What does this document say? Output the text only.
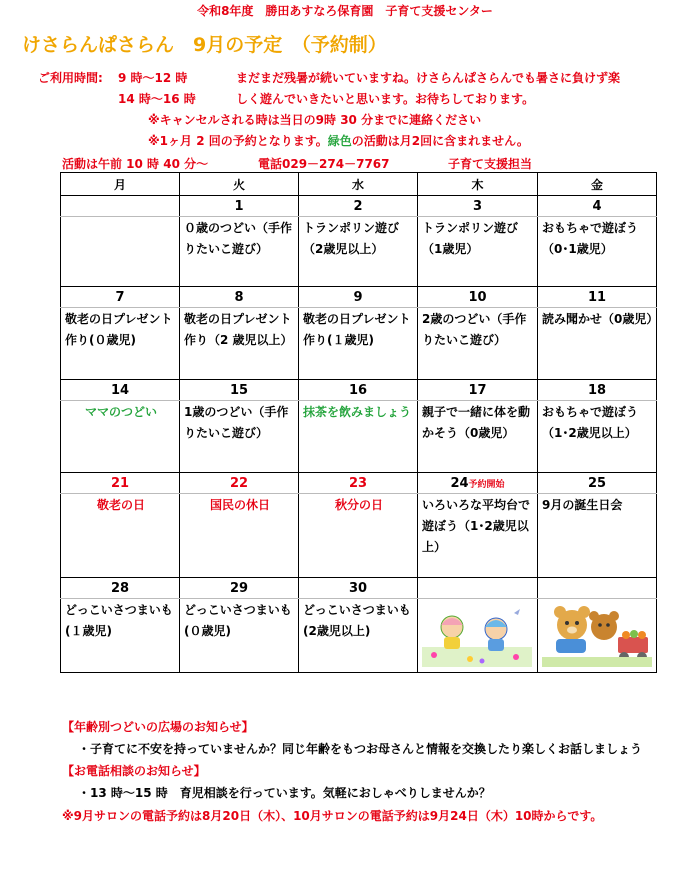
令和8年度　勝田あすなろ保育園　子育て支援センター
けさらんぱさらん　9月の予定　（予約制）
ご利用時間: 9 時～12 時
14 時～16 時
まだまだ残暑が続いていますね。けさらんぱさらんでも暑さに負けず楽
しく遊んでいきたいと思います。お待ちしております。
※キャンセルされる時は当日の9時 30 分までに連絡ください
※1ヶ月 2 回の予約となります。緑色の活動は月2回に含まれません。
活動は午前 10 時 40 分～	電話029－274－7767	子育て支援担当
月	火	水	木	金
	1	2	3	4

	０歳のつどい（手作りたいこ遊び）	トランポリン遊び（2歳児以上）	トランポリン遊び（1歳児）	おもちゃで遊ぼう（0･1歳児）

7	8	9	10	11

敬老の日プレゼント作り(０歳児)	敬老の日プレゼント作り（2 歳児以上）	敬老の日プレゼント作り(１歳児)	2歳のつどい（手作りたいこ遊び）	読み聞かせ（0歳児）

14	15	16	17	18

ママのつどい	1歳のつどい（手作りたいこ遊び）	抹茶を飲みましょう	親子で一緒に体を動かそう（0歳児）	おもちゃで遊ぼう（1･2歳児以上）

21	22	23	24予約開始	25

敬老の日	国民の休日	秋分の日	いろいろな平均台で遊ぼう（1･2歳児以上）	9月の誕生日会

28	29	30		

どっこいさつまいも(１歳児)	どっこいさつまいも(０歳児)	どっこいさつまいも(2歳児以上)

【年齢別つどいの広場のお知らせ】
・子育てに不安を持っていませんか？同じ年齢をもつお母さんと情報を交換したり楽しくお話しましょう
【お電話相談のお知らせ】
・13 時～15 時　育児相談を行っています。気軽におしゃべりしませんか？
※9月サロンの電話予約は8月20日（木）、10月サロンの電話予約は9月24日（木）10時からです。
